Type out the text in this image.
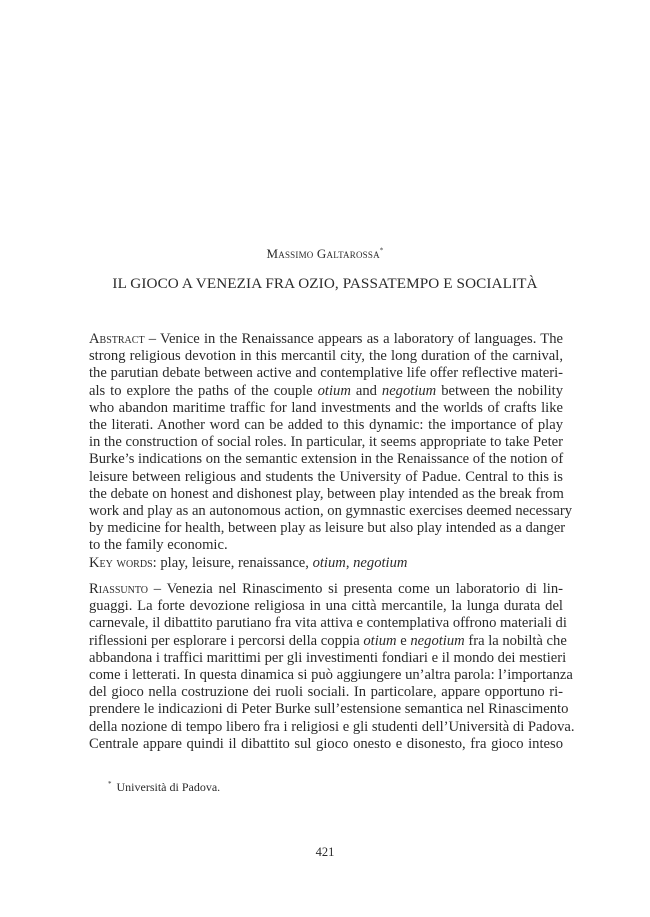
Massimo Galtarossa*
IL GIOCO A VENEZIA FRA OZIO, PASSATEMPO E SOCIALITÀ
Abstract – Venice in the Renaissance appears as a laboratory of languages. The
strong religious devotion in this mercantil city, the long duration of the carnival,
the parutian debate between active and contemplative life offer reflective materi-
als to explore the paths of the couple otium and negotium between the nobility
who abandon maritime traffic for land investments and the worlds of crafts like
the literati. Another word can be added to this dynamic: the importance of play
in the construction of social roles. In particular, it seems appropriate to take Peter
Burke’s indications on the semantic extension in the Renaissance of the notion of
leisure between religious and students the University of Padue. Central to this is
the debate on honest and dishonest play, between play intended as the break from
work and play as an autonomous action, on gymnastic exercises deemed necessary
by medicine for health, between play as leisure but also play intended as a danger
to the family economic.
Key words: play, leisure, renaissance, otium, negotium
Riassunto – Venezia nel Rinascimento si presenta come un laboratorio di lin-
guaggi. La forte devozione religiosa in una città mercantile, la lunga durata del
carnevale, il dibattito parutiano fra vita attiva e contemplativa offrono materiali di
riflessioni per esplorare i percorsi della coppia otium e negotium fra la nobiltà che
abbandona i traffici marittimi per gli investimenti fondiari e il mondo dei mestieri
come i letterati. In questa dinamica si può aggiungere un’altra parola: l’importanza
del gioco nella costruzione dei ruoli sociali. In particolare, appare opportuno ri-
prendere le indicazioni di Peter Burke sull’estensione semantica nel Rinascimento
della nozione di tempo libero fra i religiosi e gli studenti dell’Università di Padova.
Centrale appare quindi il dibattito sul gioco onesto e disonesto, fra gioco inteso
* Università di Padova.
421
